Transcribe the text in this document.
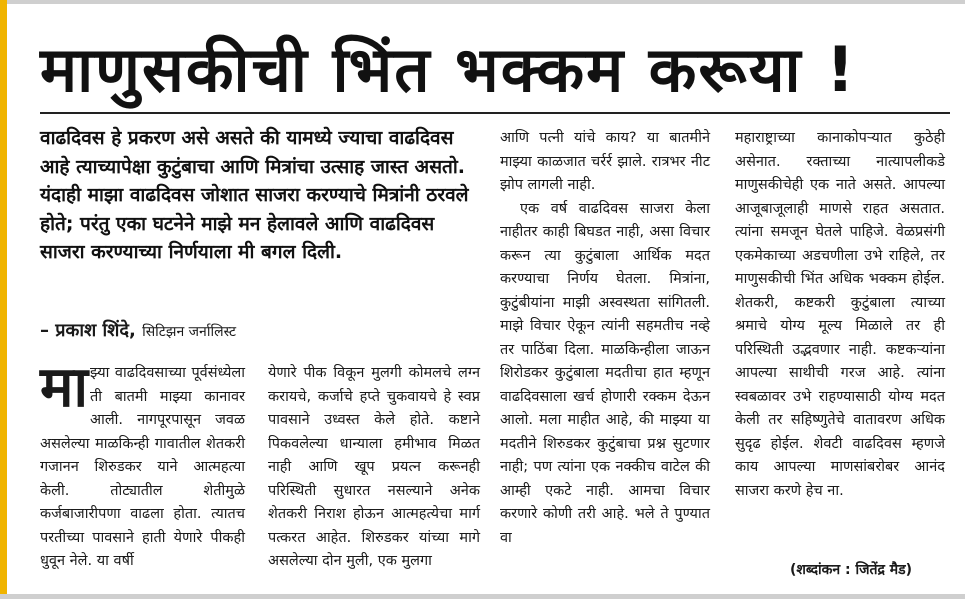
माणुसकीची भिंत भक्कम करूया !
वाढदिवस हे प्रकरण असे असते की यामध्ये ज्याचा वाढदिवस आहे त्याच्यापेक्षा कुटुंबाचा आणि मित्रांचा उत्साह जास्त असतो. यंदाही माझा वाढदिवस जोशात साजरा करण्याचे मित्रांनी ठरवले होते; परंतु एका घटनेने माझे मन हेलावले आणि वाढदिवस साजरा करण्याच्या निर्णयाला मी बगल दिली.
– प्रकाश शिंदे, सिटिझन जर्नालिस्ट
मा झ्या वाढदिवसाच्या पूर्वसंध्येला ती बातमी माझ्या कानावर आली. नागपूरपासून जवळ असलेल्या माळकिन्ही गावातील शेतकरी गजानन शिरुडकर याने आत्महत्या केली. तोट्यातील शेतीमुळे कर्जबाजारीपणा वाढला होता. त्यातच परतीच्या पावसाने हाती येणारे पीकही धुवून नेले. या वर्षी
येणारे पीक विकून मुलगी कोमलचे लग्न करायचे, कर्जाचे हप्ते चुकवायचे हे स्वप्न पावसाने उध्वस्त केले होते. कष्टाने पिकवलेल्या धान्याला हमीभाव मिळत नाही आणि खूप प्रयत्न करूनही परिस्थिती सुधारत नसल्याने अनेक शेतकरी निराश होऊन आत्महत्येचा मार्ग पत्करत आहेत. शिरुडकर यांच्या मागे असलेल्या दोन मुली, एक मुलगा
आणि पत्नी यांचे काय? या बातमीने माझ्या काळजात चर्रर्र झाले. रात्रभर नीट झोप लागली नाही.
एक वर्ष वाढदिवस साजरा केला नाहीतर काही बिघडत नाही, असा विचार करून त्या कुटुंबाला आर्थिक मदत करण्याचा निर्णय घेतला. मित्रांना, कुटुंबीयांना माझी अस्वस्थता सांगितली. माझे विचार ऐकून त्यांनी सहमतीच नव्हे तर पाठिंबा दिला. माळकिन्हीला जाऊन शिरोडकर कुटुंबाला मदतीचा हात म्हणून वाढदिवसाला खर्च होणारी रक्कम देऊन आलो. मला माहीत आहे, की माझ्या या मदतीने शिरुडकर कुटुंबाचा प्रश्न सुटणार नाही; पण त्यांना एक नक्कीच वाटेल की आम्ही एकटे नाही. आमचा विचार करणारे कोणी तरी आहे. भले ते पुण्यात वा
महाराष्ट्राच्या कानाकोपऱ्यात कुठेही असेनात. रक्ताच्या नात्यापलीकडे माणुसकीचेही एक नाते असते. आपल्या आजूबाजूलाही माणसे राहत असतात. त्यांना समजून घेतले पाहिजे. वेळप्रसंगी एकमेकाच्या अडचणीला उभे राहिले, तर माणुसकीची भिंत अधिक भक्कम होईल. शेतकरी, कष्टकरी कुटुंबाला त्याच्या श्रमाचे योग्य मूल्य मिळाले तर ही परिस्थिती उद्भवणार नाही. कष्टकऱ्यांना आपल्या साथीची गरज आहे. त्यांना स्वबळावर उभे राहण्यासाठी योग्य मदत केली तर सहिष्णुतेचे वातावरण अधिक सुदृढ होईल. शेवटी वाढदिवस म्हणजे काय आपल्या माणसांबरोबर आनंद साजरा करणे हेच ना.
(शब्दांकन : जितेंद्र मैड)
